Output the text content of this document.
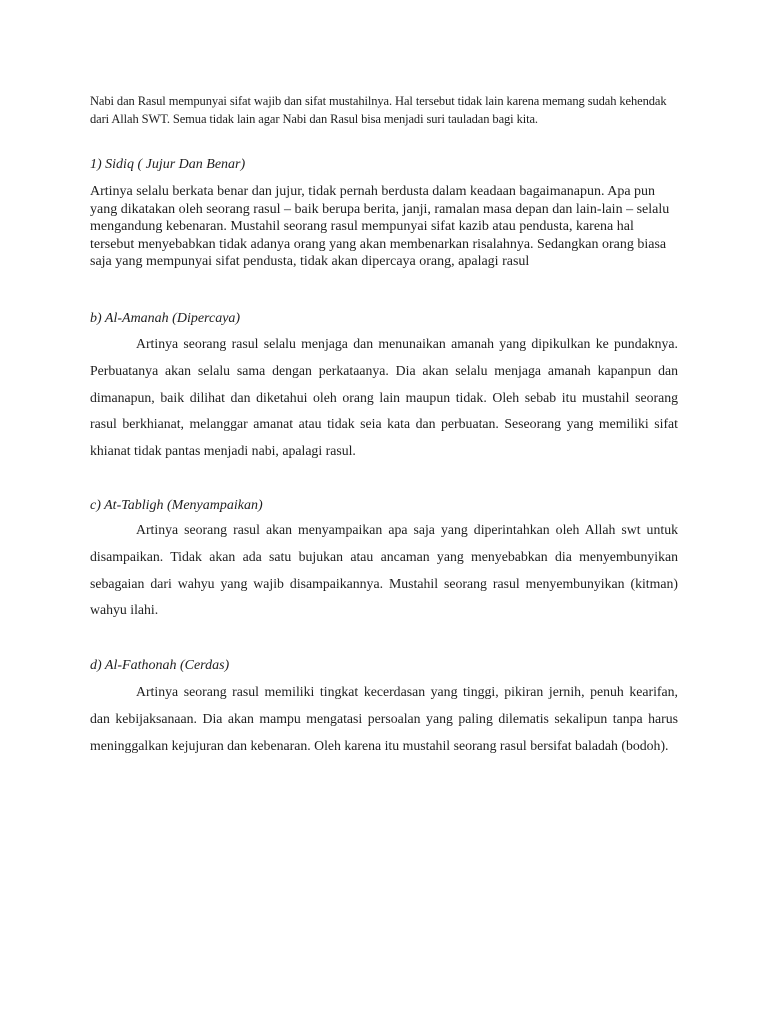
Nabi dan Rasul mempunyai sifat wajib dan sifat mustahilnya. Hal tersebut tidak lain karena memang sudah kehendak dari Allah SWT. Semua tidak lain agar Nabi dan Rasul bisa menjadi suri tauladan bagi kita.

1) Sidiq ( Jujur Dan Benar)

Artinya selalu berkata benar dan jujur, tidak pernah berdusta dalam keadaan bagaimanapun. Apa pun yang dikatakan oleh seorang rasul – baik berupa berita, janji, ramalan masa depan dan lain-lain – selalu mengandung kebenaran. Mustahil seorang rasul mempunyai sifat kazib atau pendusta, karena hal tersebut menyebabkan tidak adanya orang yang akan membenarkan risalahnya. Sedangkan orang biasa saja yang mempunyai sifat pendusta, tidak akan dipercaya orang, apalagi rasul

b) Al-Amanah (Dipercaya)

Artinya seorang rasul selalu menjaga dan menunaikan amanah yang dipikulkan ke pundaknya. Perbuatanya akan selalu sama dengan perkataanya. Dia akan selalu menjaga amanah kapanpun dan dimanapun, baik dilihat dan diketahui oleh orang lain maupun tidak. Oleh sebab itu mustahil seorang rasul berkhianat, melanggar amanat atau tidak seia kata dan perbuatan. Seseorang yang memiliki sifat khianat tidak pantas menjadi nabi, apalagi rasul.

c) At-Tabligh (Menyampaikan)

Artinya seorang rasul akan menyampaikan apa saja yang diperintahkan oleh Allah swt untuk disampaikan. Tidak akan ada satu bujukan atau ancaman yang menyebabkan dia menyembunyikan sebagaian dari wahyu yang wajib disampaikannya. Mustahil seorang rasul menyembunyikan (kitman) wahyu ilahi.

d) Al-Fathonah (Cerdas)

Artinya seorang rasul memiliki tingkat kecerdasan yang tinggi, pikiran jernih, penuh kearifan, dan kebijaksanaan. Dia akan mampu mengatasi persoalan yang paling dilematis sekalipun tanpa harus meninggalkan kejujuran dan kebenaran. Oleh karena itu mustahil seorang rasul bersifat baladah (bodoh).
